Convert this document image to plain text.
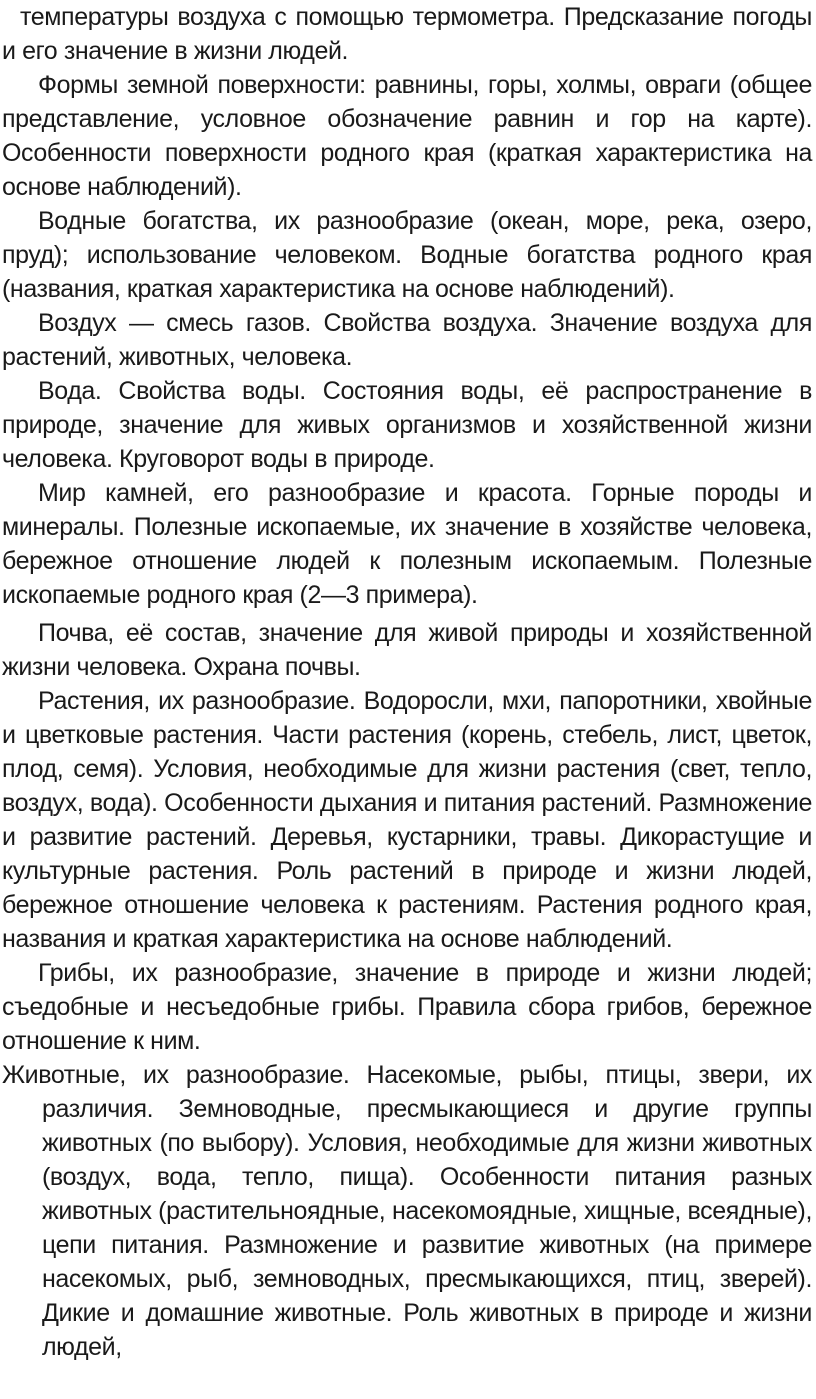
температуры воздуха с помощью термометра. Предсказание погоды и его значение в жизни людей.

Формы земной поверхности: равнины, горы, холмы, овраги (общее представление, условное обозначение равнин и гор на карте). Особенности поверхности родного края (краткая характеристика на основе наблюдений).

Водные богатства, их разнообразие (океан, море, река, озеро, пруд); использование человеком. Водные богатства родного края (названия, краткая характеристика на основе наблюдений).

Воздух — смесь газов. Свойства воздуха. Значение воздуха для растений, животных, человека.

Вода. Свойства воды. Состояния воды, её распространение в природе, значение для живых организмов и хозяйственной жизни человека. Круговорот воды в природе.

Мир камней, его разнообразие и красота. Горные породы и минералы. Полезные ископаемые, их значение в хозяйстве человека, бережное отношение людей к полезным ископаемым. Полезные ископаемые родного края (2—3 примера).

Почва, её состав, значение для живой природы и хозяйственной жизни человека. Охрана почвы.

Растения, их разнообразие. Водоросли, мхи, папоротники, хвойные и цветковые растения. Части растения (корень, стебель, лист, цветок, плод, семя). Условия, необходимые для жизни растения (свет, тепло, воздух, вода). Особенности дыхания и питания растений. Размножение и развитие растений. Деревья, кустарники, травы. Дикорастущие и культурные растения. Роль растений в природе и жизни людей, бережное отношение человека к растениям. Растения родного края, названия и краткая характеристика на основе наблюдений.

Грибы, их разнообразие, значение в природе и жизни людей; съедобные и несъедобные грибы. Правила сбора грибов, бережное отношение к ним.

Животные, их разнообразие. Насекомые, рыбы, птицы, звери, их различия. Земноводные, пресмыкающиеся и другие группы животных (по выбору). Условия, необходимые для жизни животных (воздух, вода, тепло, пища). Особенности питания разных животных (растительноядные, насекомоядные, хищные, всеядные), цепи питания. Размножение и развитие животных (на примере насекомых, рыб, земноводных, пресмыкающихся, птиц, зверей). Дикие и домашние животные. Роль животных в природе и жизни людей,
